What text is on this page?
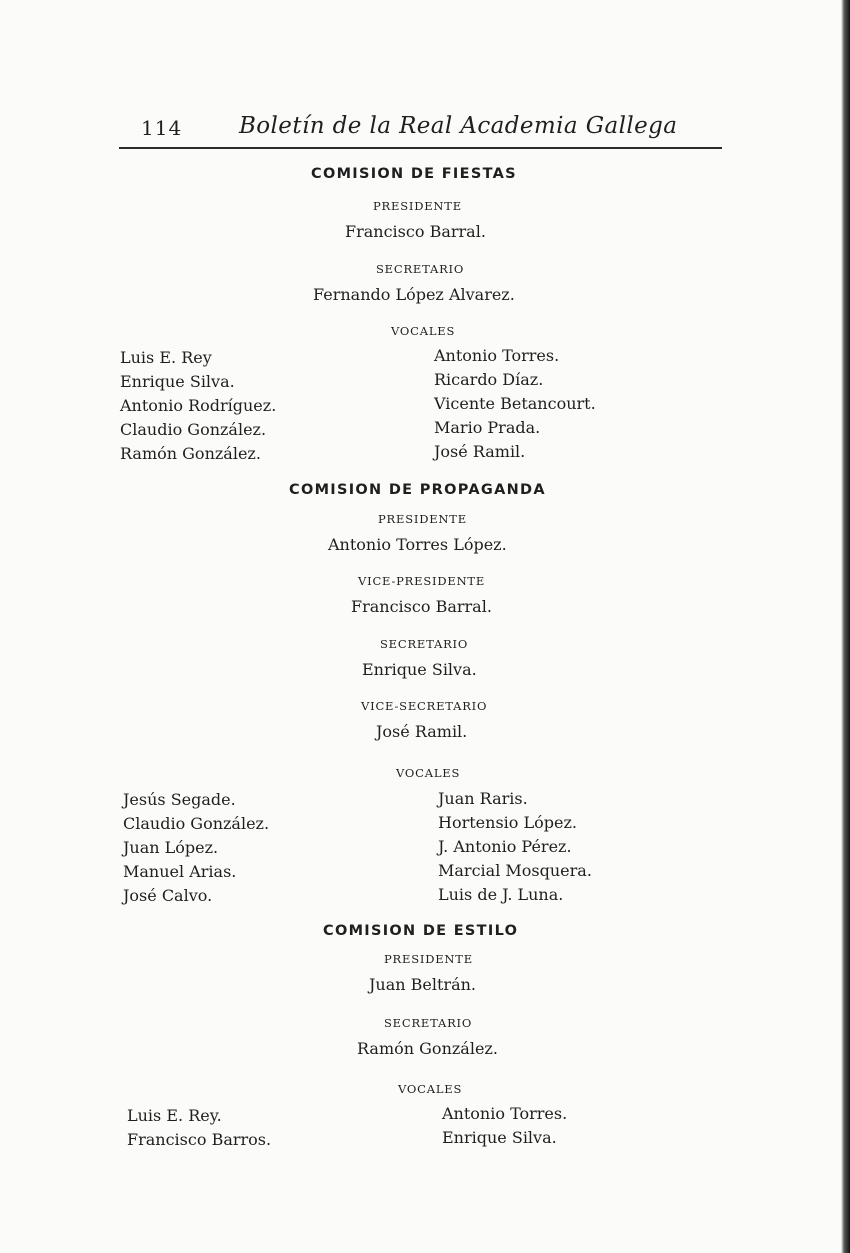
114 Boletín de la Real Academia Gallega
COMISION DE FIESTAS
PRESIDENTE
Francisco Barral.
SECRETARIO
Fernando López Alvarez.
VOCALES
Luis E. Rey
Enrique Silva.
Antonio Rodríguez.
Claudio González.
Ramón González.
Antonio Torres.
Ricardo Díaz.
Vicente Betancourt.
Mario Prada.
José Ramil.
COMISION DE PROPAGANDA
PRESIDENTE
Antonio Torres López.
VICE-PRESIDENTE
Francisco Barral.
SECRETARIO
Enrique Silva.
VICE-SECRETARIO
José Ramil.
VOCALES
Jesús Segade.
Claudio González.
Juan López.
Manuel Arias.
José Calvo.
Juan Raris.
Hortensio López.
J. Antonio Pérez.
Marcial Mosquera.
Luis de J. Luna.
COMISION DE ESTILO
PRESIDENTE
Juan Beltrán.
SECRETARIO
Ramón González.
VOCALES
Luis E. Rey.
Francisco Barros.
Antonio Torres.
Enrique Silva.
